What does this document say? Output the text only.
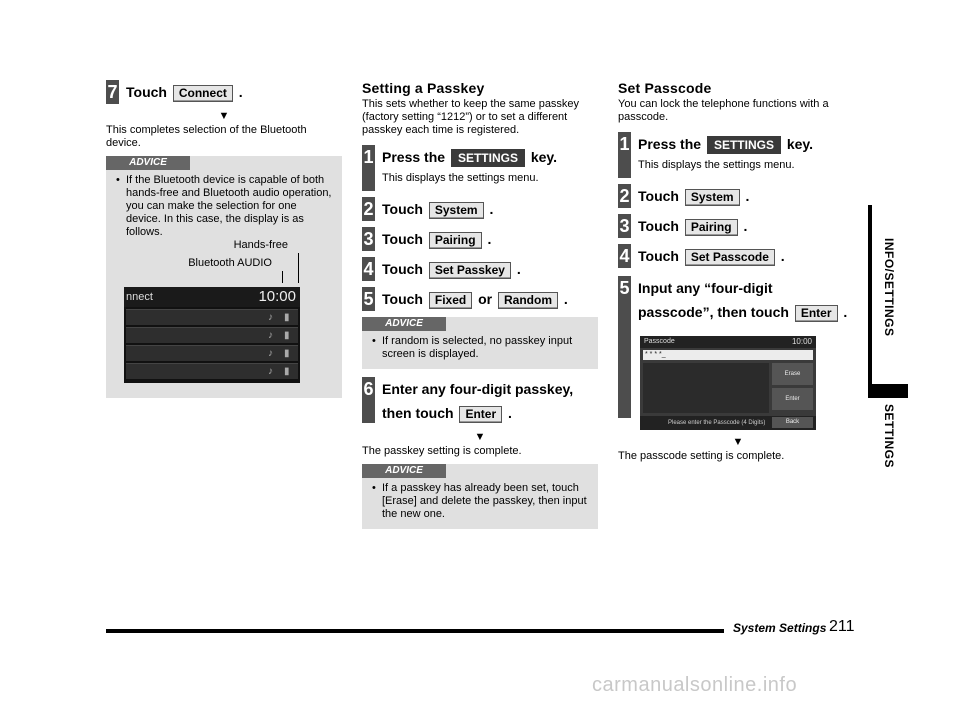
7 Touch Connect .
▼
This completes selection of the Bluetooth device.
ADVICE
• If the Bluetooth device is capable of both hands-free and Bluetooth audio operation, you can make the selection for one device. In this case, the display is as follows.
Hands-free
Bluetooth AUDIO
nnect	10:00
♪ ▮
♪ ▮
♪ ▮
♪ ▮
Setting a Passkey
This sets whether to keep the same passkey (factory setting “1212”) or to set a different passkey each time is registered.
1 Press the SETTINGS key.
This displays the settings menu.
2 Touch System .
3 Touch Pairing .
4 Touch Set Passkey .
5 Touch Fixed or Random .
ADVICE
• If random is selected, no passkey input screen is displayed.
6 Enter any four-digit passkey,
then touch Enter .
▼
The passkey setting is complete.
ADVICE
• If a passkey has already been set, touch [Erase] and delete the passkey, then input the new one.
Set Passcode
You can lock the telephone functions with a passcode.
1 Press the SETTINGS key.
This displays the settings menu.
2 Touch System .
3 Touch Pairing .
4 Touch Set Passcode .
5 Input any “four-digit
passcode”, then touch Enter .
Passcode	10:00
* * * *_
Erase
Enter
Please enter the Passcode (4 Digits)	Back
▼
The passcode setting is complete.
INFO/SETTINGS
SETTINGS
System Settings 211
carmanualsonline.info
